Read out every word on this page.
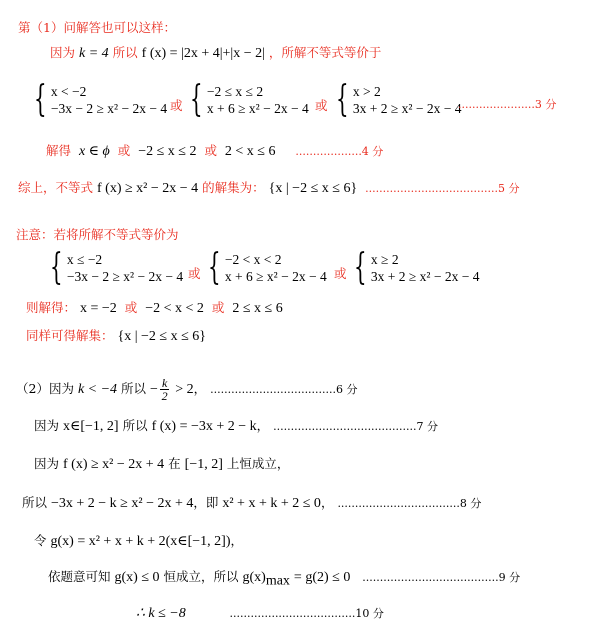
第（1）问解答也可以这样：
因为 k = 4 所以 f (x) = |2x + 4|+|x − 2| ，所解不等式等价于
{ x < −2
−3x − 2 ≥ x² − 2x − 4 或 { −2 ≤ x ≤ 2
x + 6 ≥ x² − 2x − 4 或 { x > 2
3x + 2 ≥ x² − 2x − 4
......................3 分
解得 x ∈ ϕ 或 −2 ≤ x ≤ 2 或 2 < x ≤ 6 ...................4 分
综上，不等式 f (x) ≥ x² − 2x − 4 的解集为： {x | −2 ≤ x ≤ 6} ......................................5 分
注意：若将所解不等式等价为
{ x ≤ −2
−3x − 2 ≥ x² − 2x − 4 或 { −2 < x < 2
x + 6 ≥ x² − 2x − 4 或 { x ≥ 2
3x + 2 ≥ x² − 2x − 4
则解得： x = −2 或 −2 < x < 2 或 2 ≤ x ≤ 6
同样可得解集： {x | −2 ≤ x ≤ 6}
（2）因为 k < −4 所以 − $\frac{k}{2} > 2$， ....................................6 分
因为 x∈[−1, 2] 所以 f (x) = −3x + 2 − k， .........................................7 分
因为 f (x) ≥ x² − 2x + 4 在 [−1, 2] 上恒成立，
所以 −3x + 2 − k ≥ x² − 2x + 4，即 x² + x + k + 2 ≤ 0， ...................................8 分
令 g(x) = x² + x + k + 2(x∈[−1, 2])，
依题意可知 g(x) ≤ 0 恒成立，所以 $g(x)_{max} = g(2) \le 0$ .......................................9 分
∴ k ≤ −8	....................................10 分
